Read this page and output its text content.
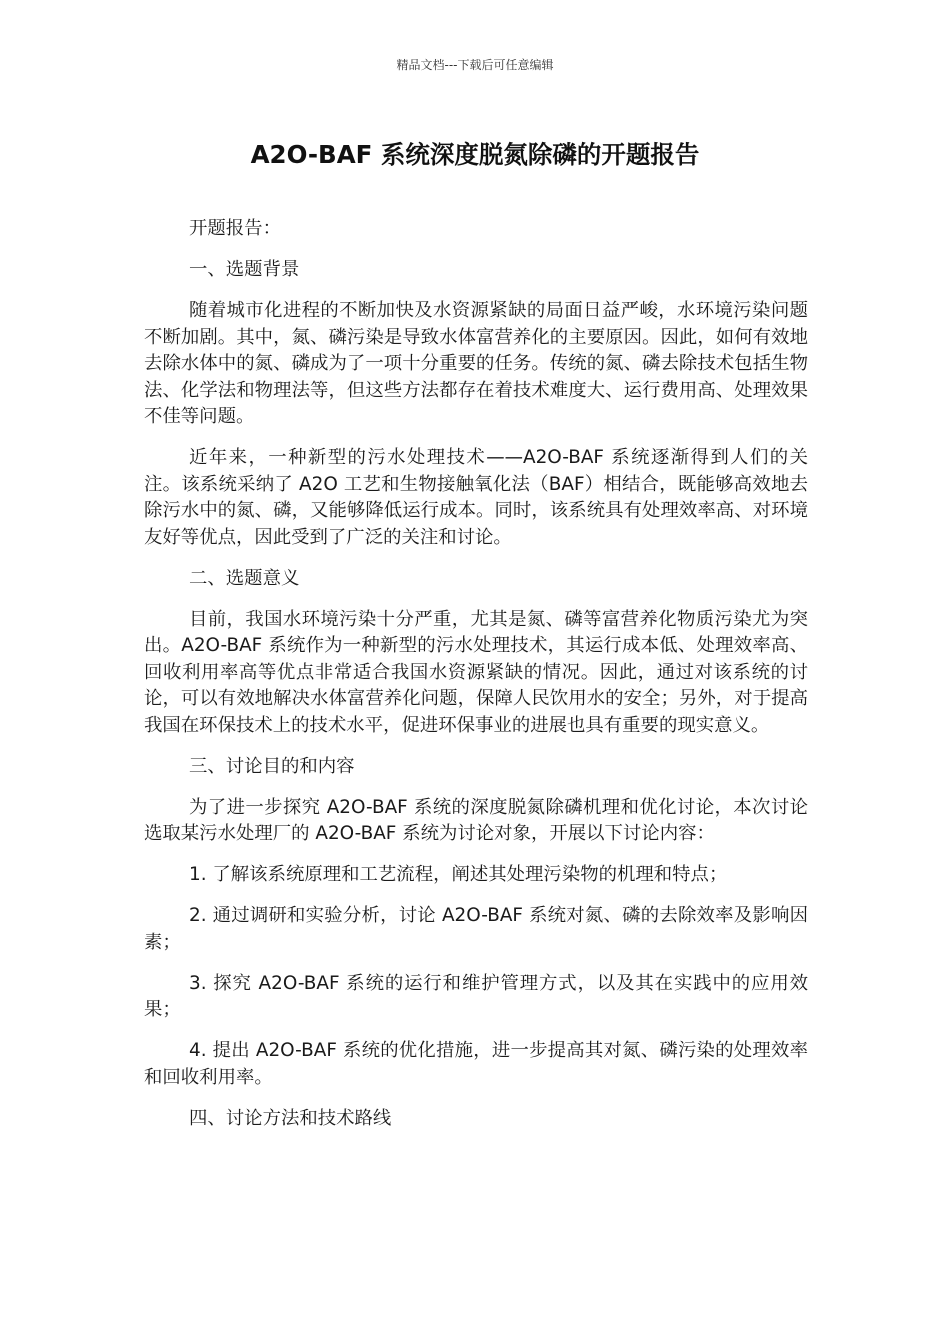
精品文档---下载后可任意编辑
A2O-BAF 系统深度脱氮除磷的开题报告

开题报告：

一、选题背景

随着城市化进程的不断加快及水资源紧缺的局面日益严峻，水环境污染问题不断加剧。其中，氮、磷污染是导致水体富营养化的主要原因。因此，如何有效地去除水体中的氮、磷成为了一项十分重要的任务。传统的氮、磷去除技术包括生物法、化学法和物理法等，但这些方法都存在着技术难度大、运行费用高、处理效果不佳等问题。

近年来，一种新型的污水处理技术——A2O-BAF 系统逐渐得到人们的关注。该系统采纳了 A2O 工艺和生物接触氧化法（BAF）相结合，既能够高效地去除污水中的氮、磷，又能够降低运行成本。同时，该系统具有处理效率高、对环境友好等优点，因此受到了广泛的关注和讨论。

二、选题意义

目前，我国水环境污染十分严重，尤其是氮、磷等富营养化物质污染尤为突出。A2O-BAF 系统作为一种新型的污水处理技术，其运行成本低、处理效率高、回收利用率高等优点非常适合我国水资源紧缺的情况。因此，通过对该系统的讨论，可以有效地解决水体富营养化问题，保障人民饮用水的安全；另外，对于提高我国在环保技术上的技术水平，促进环保事业的进展也具有重要的现实意义。

三、讨论目的和内容

为了进一步探究 A2O-BAF 系统的深度脱氮除磷机理和优化讨论，本次讨论选取某污水处理厂的 A2O-BAF 系统为讨论对象，开展以下讨论内容：

1. 了解该系统原理和工艺流程，阐述其处理污染物的机理和特点；

2. 通过调研和实验分析，讨论 A2O-BAF 系统对氮、磷的去除效率及影响因素；

3. 探究 A2O-BAF 系统的运行和维护管理方式，以及其在实践中的应用效果；

4. 提出 A2O-BAF 系统的优化措施，进一步提高其对氮、磷污染的处理效率和回收利用率。

四、讨论方法和技术路线
